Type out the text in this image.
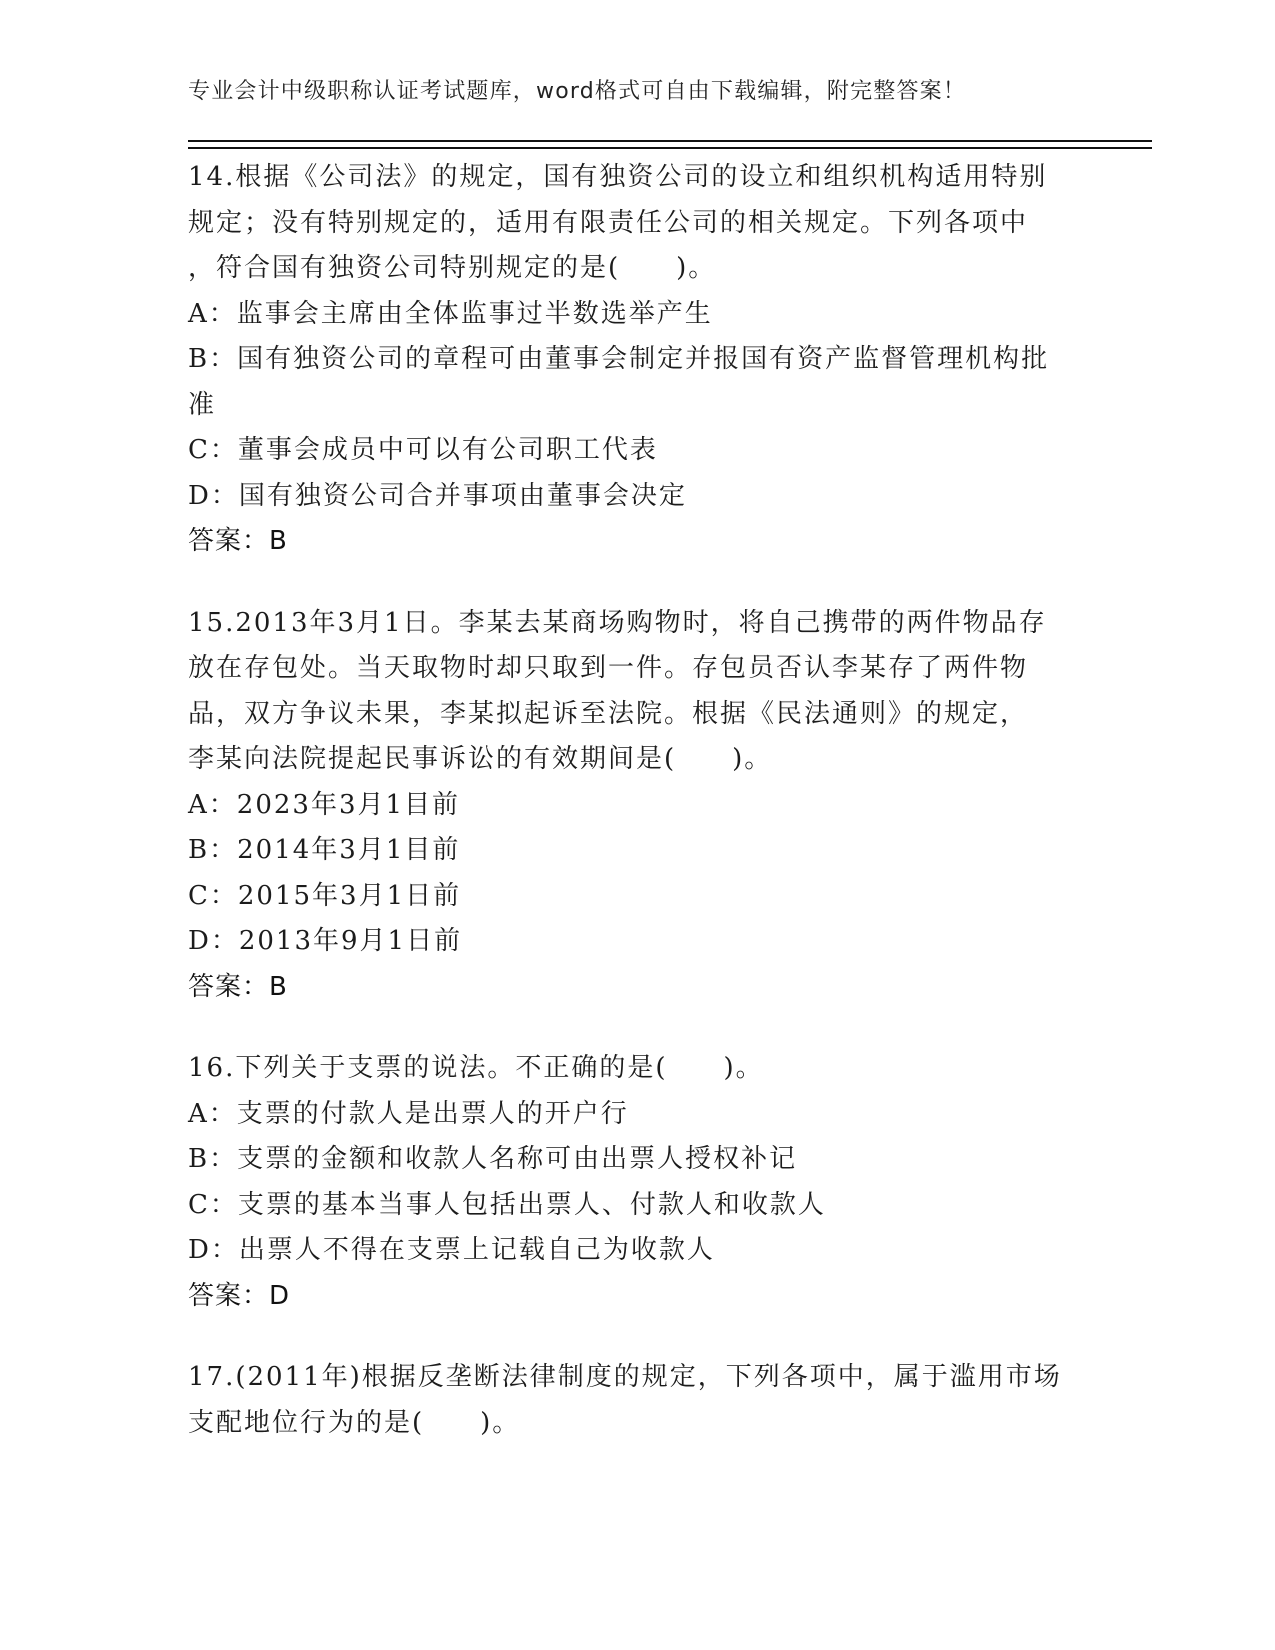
专业会计中级职称认证考试题库，word格式可自由下载编辑，附完整答案！
14.根据《公司法》的规定，国有独资公司的设立和组织机构适用特别
规定；没有特别规定的，适用有限责任公司的相关规定。下列各项中
，符合国有独资公司特别规定的是(　　)。
A：监事会主席由全体监事过半数选举产生
B：国有独资公司的章程可由董事会制定并报国有资产监督管理机构批
准
C：董事会成员中可以有公司职工代表
D：国有独资公司合并事项由董事会决定
答案：B
15.2013年3月1日。李某去某商场购物时，将自己携带的两件物品存
放在存包处。当天取物时却只取到一件。存包员否认李某存了两件物
品，双方争议未果，李某拟起诉至法院。根据《民法通则》的规定，
李某向法院提起民事诉讼的有效期间是(　　)。
A：2023年3月1目前
B：2014年3月1目前
C：2015年3月1日前
D：2013年9月1日前
答案：B
16.下列关于支票的说法。不正确的是(　　)。
A：支票的付款人是出票人的开户行
B：支票的金额和收款人名称可由出票人授权补记
C：支票的基本当事人包括出票人、付款人和收款人
D：出票人不得在支票上记载自己为收款人
答案：D
17.(2011年)根据反垄断法律制度的规定，下列各项中，属于滥用市场
支配地位行为的是(　　)。
